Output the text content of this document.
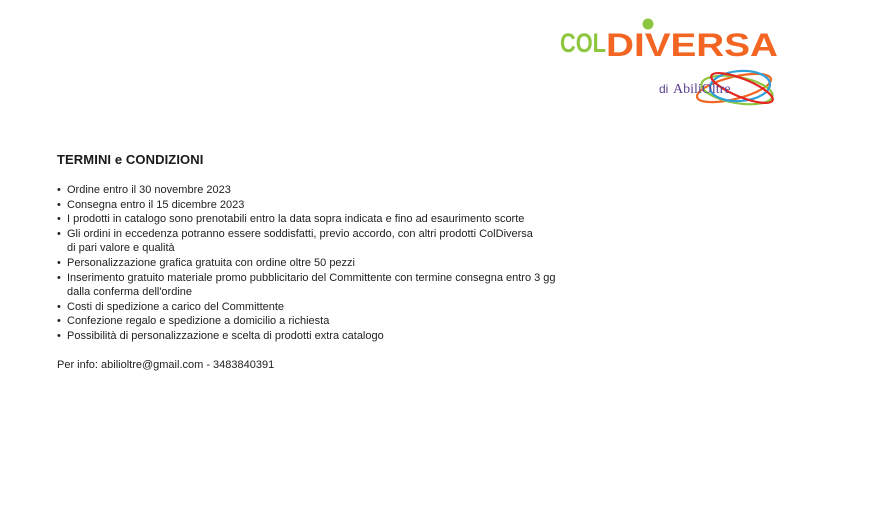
COL DIVERSA
di AbiliOltre
TERMINI e CONDIZIONI
• Ordine entro il 30 novembre 2023
• Consegna entro il 15 dicembre 2023
• I prodotti in catalogo sono prenotabili entro la data sopra indicata e fino ad esaurimento scorte
• Gli ordini in eccedenza potranno essere soddisfatti, previo accordo, con altri prodotti ColDiversa
di pari valore e qualità
• Personalizzazione grafica gratuita con ordine oltre 50 pezzi
• Inserimento gratuito materiale promo pubblicitario del Committente con termine consegna entro 3 gg
dalla conferma dell'ordine
• Costi di spedizione a carico del Committente
• Confezione regalo e spedizione a domicilio a richiesta
• Possibilità di personalizzazione e scelta di prodotti extra catalogo
Per info: abilioltre@gmail.com - 3483840391
